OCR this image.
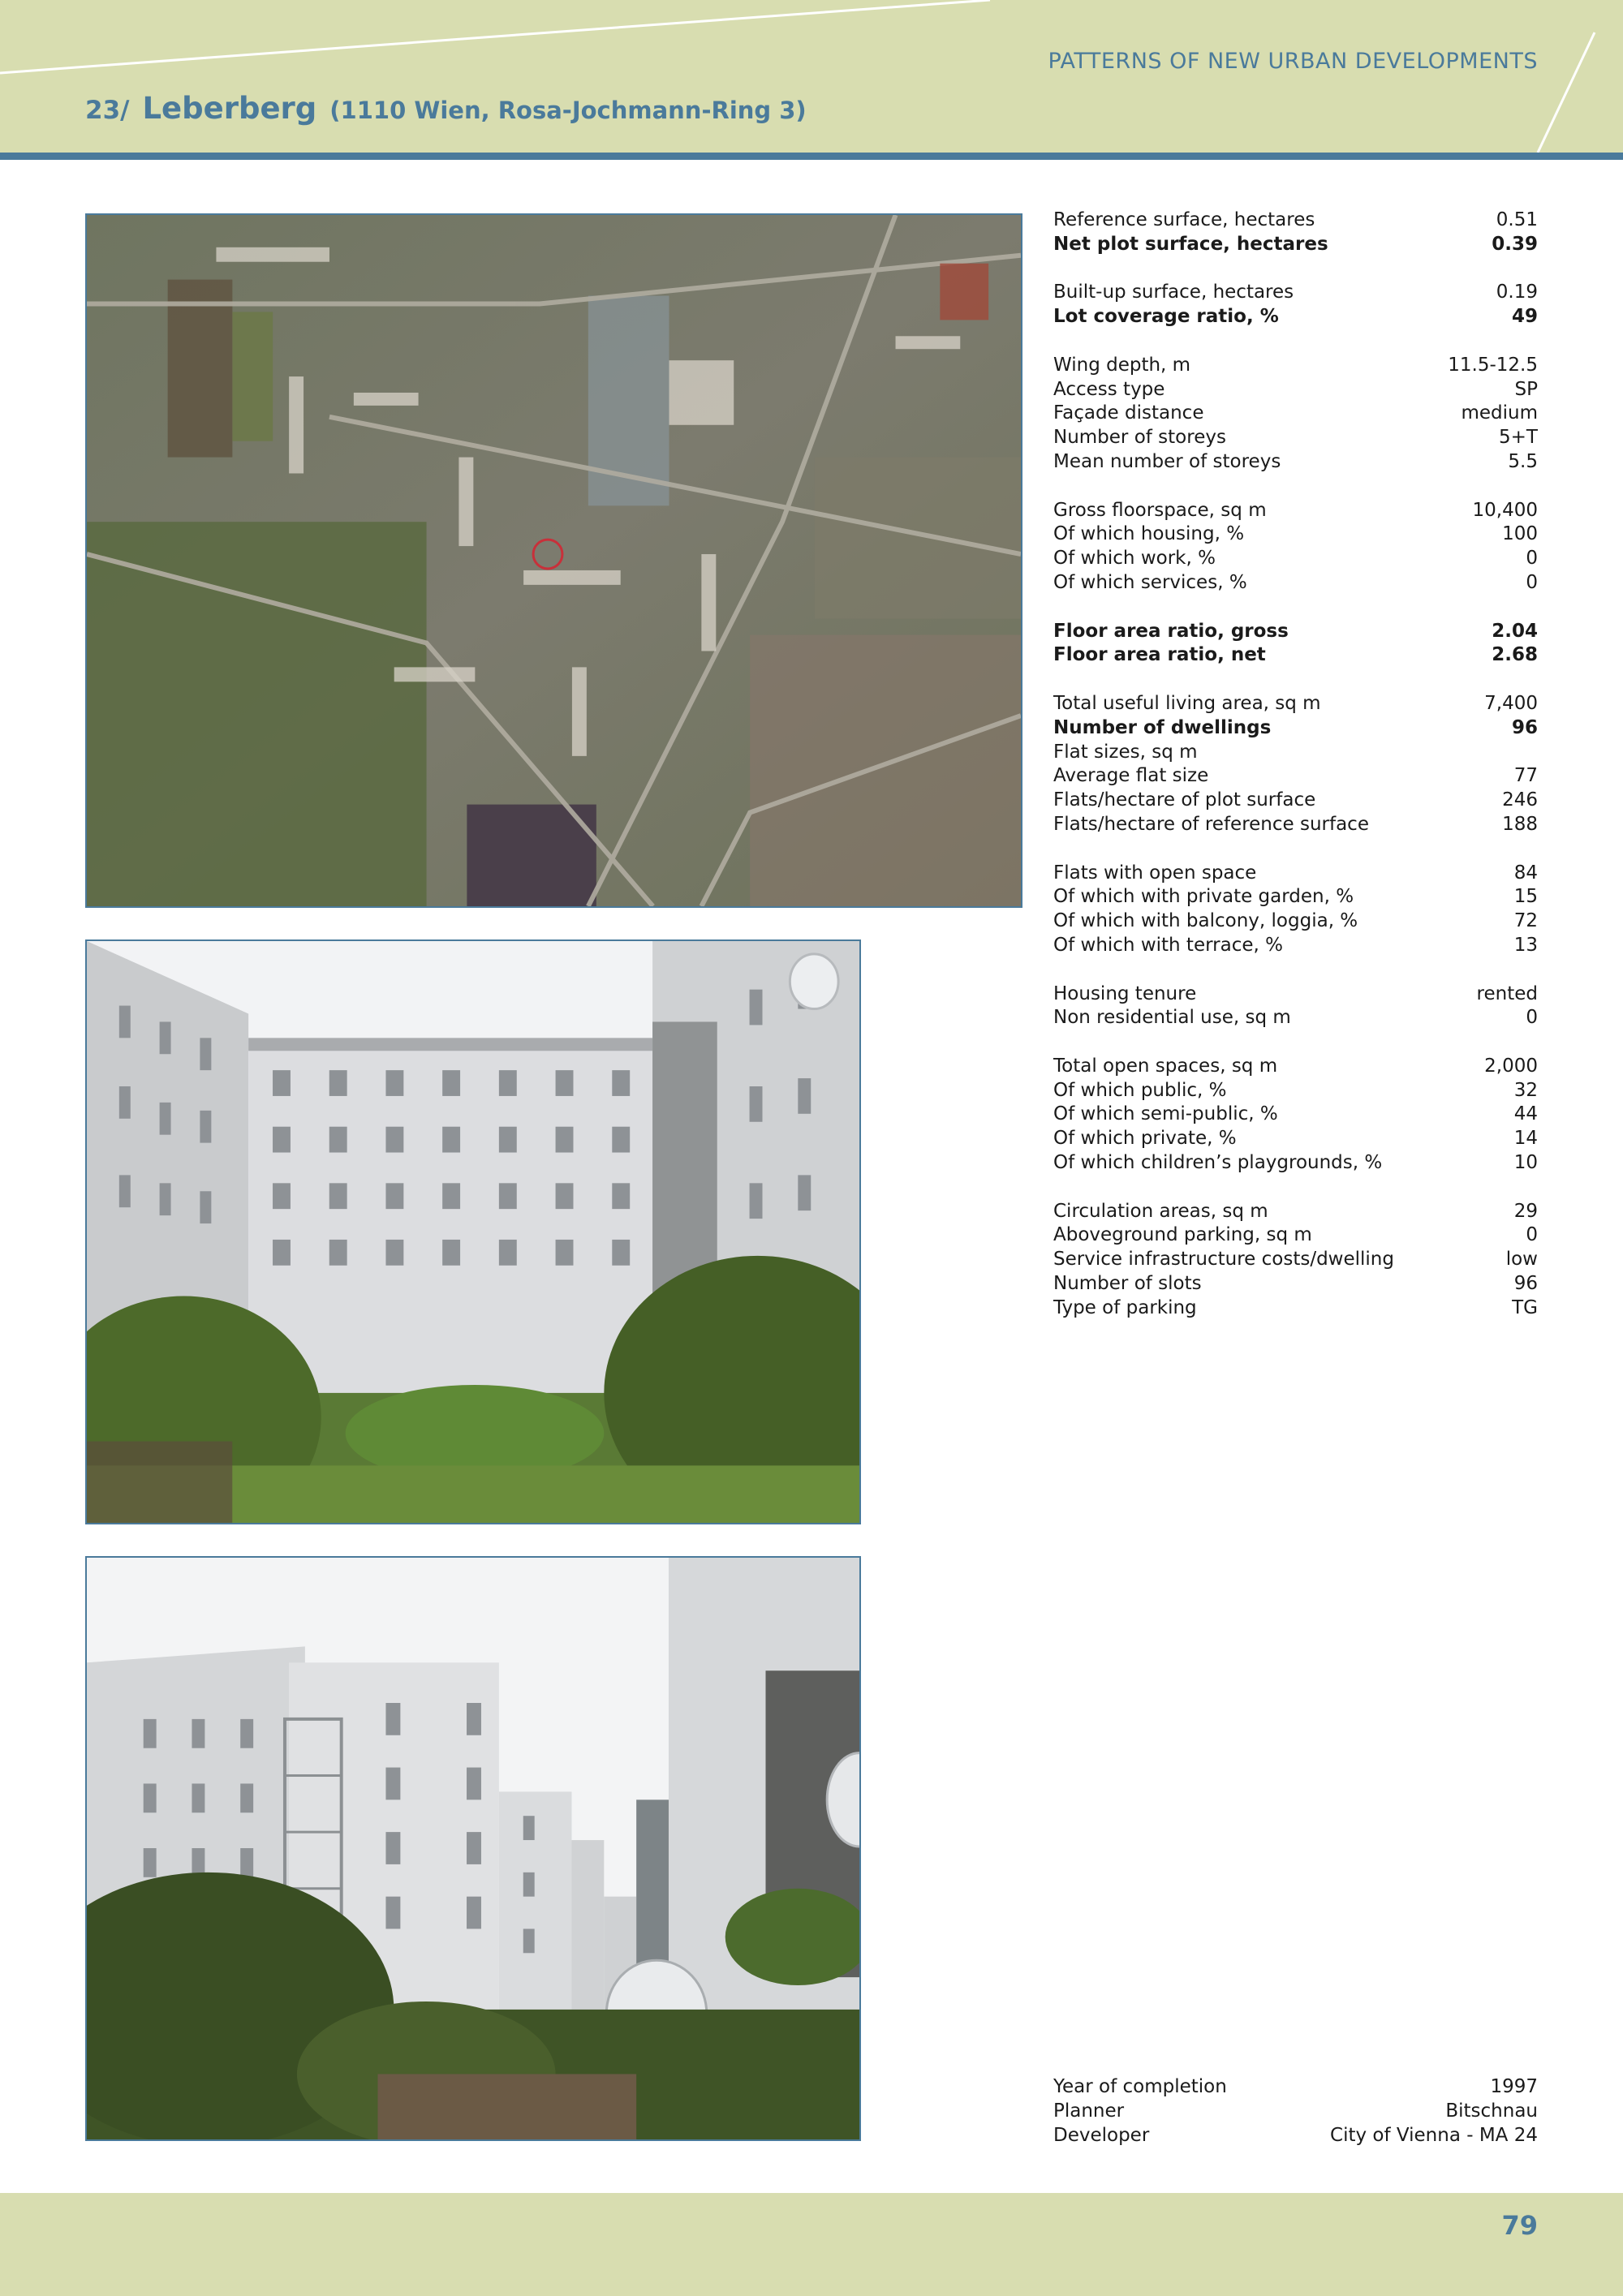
PATTERNS OF NEW URBAN DEVELOPMENTS
23/ Leberberg (1110 Wien, Rosa-Jochmann-Ring 3)
Reference surface, hectares	0.51
Net plot surface, hectares	0.39
Built-up surface, hectares	0.19
Lot coverage ratio, %	49
Wing depth, m	11.5-12.5
Access type	SP
Façade distance	medium
Number of storeys	5+T
Mean number of storeys	5.5
Gross floorspace, sq m	10,400
Of which housing, %	100
Of which work, %	0
Of which services, %	0
Floor area ratio, gross	2.04
Floor area ratio, net	2.68
Total useful living area, sq m	7,400
Number of dwellings	96
Flat sizes, sq m
Average flat size	77
Flats/hectare of plot surface	246
Flats/hectare of reference surface	188
Flats with open space	84
Of which with private garden, %	15
Of which with balcony, loggia, %	72
Of which with terrace, %	13
Housing tenure	rented
Non residential use, sq m	0
Total open spaces, sq m	2,000
Of which public, %	32
Of which semi-public, %	44
Of which private, %	14
Of which children’s playgrounds, %	10
Circulation areas, sq m	29
Aboveground parking, sq m	0
Service infrastructure costs/dwelling	low
Number of slots	96
Type of parking	TG
Year of completion	1997
Planner	Bitschnau
Developer	City of Vienna - MA 24
79
